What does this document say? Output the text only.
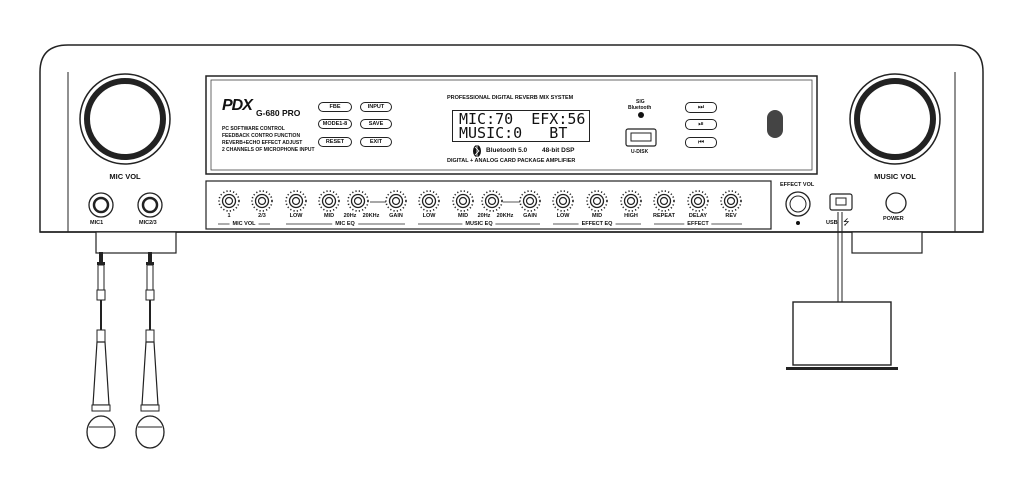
PDX G-680 PRO
PC SOFTWARE CONTROL
FEEDBACK CONTRO FUNCTION
REVERB+ECHO EFFECT ADJUST
2 CHANNELS OF MICROPHONE INPUT
FBE	INPUT
MODE1-8	SAVE
RESET	EXIT
PROFESSIONAL DIGITAL REVERB MIX SYSTEM
MIC:70  EFX:56
MUSIC:0   BT
Bluetooth 5.0 48-bit DSP
DIGITAL + ANALOG CARD PACKAGE AMPLIFIER
SIG
Bluetooth
U-DISK
⏭
⏯
⏮
MIC VOL	MUSIC VOL
EFFECT VOL
MIC1	MIC2/3	USB ⭍	POWER
MIC VOL	MIC EQ	MUSIC EQ	EFFECT EQ	EFFECT
1	2/3	LOW	MID	20Hz	20KHz	GAIN	LOW	MID	20Hz	20KHz	GAIN	LOW	MID	HIGH	REPEAT	DELAY	REV
